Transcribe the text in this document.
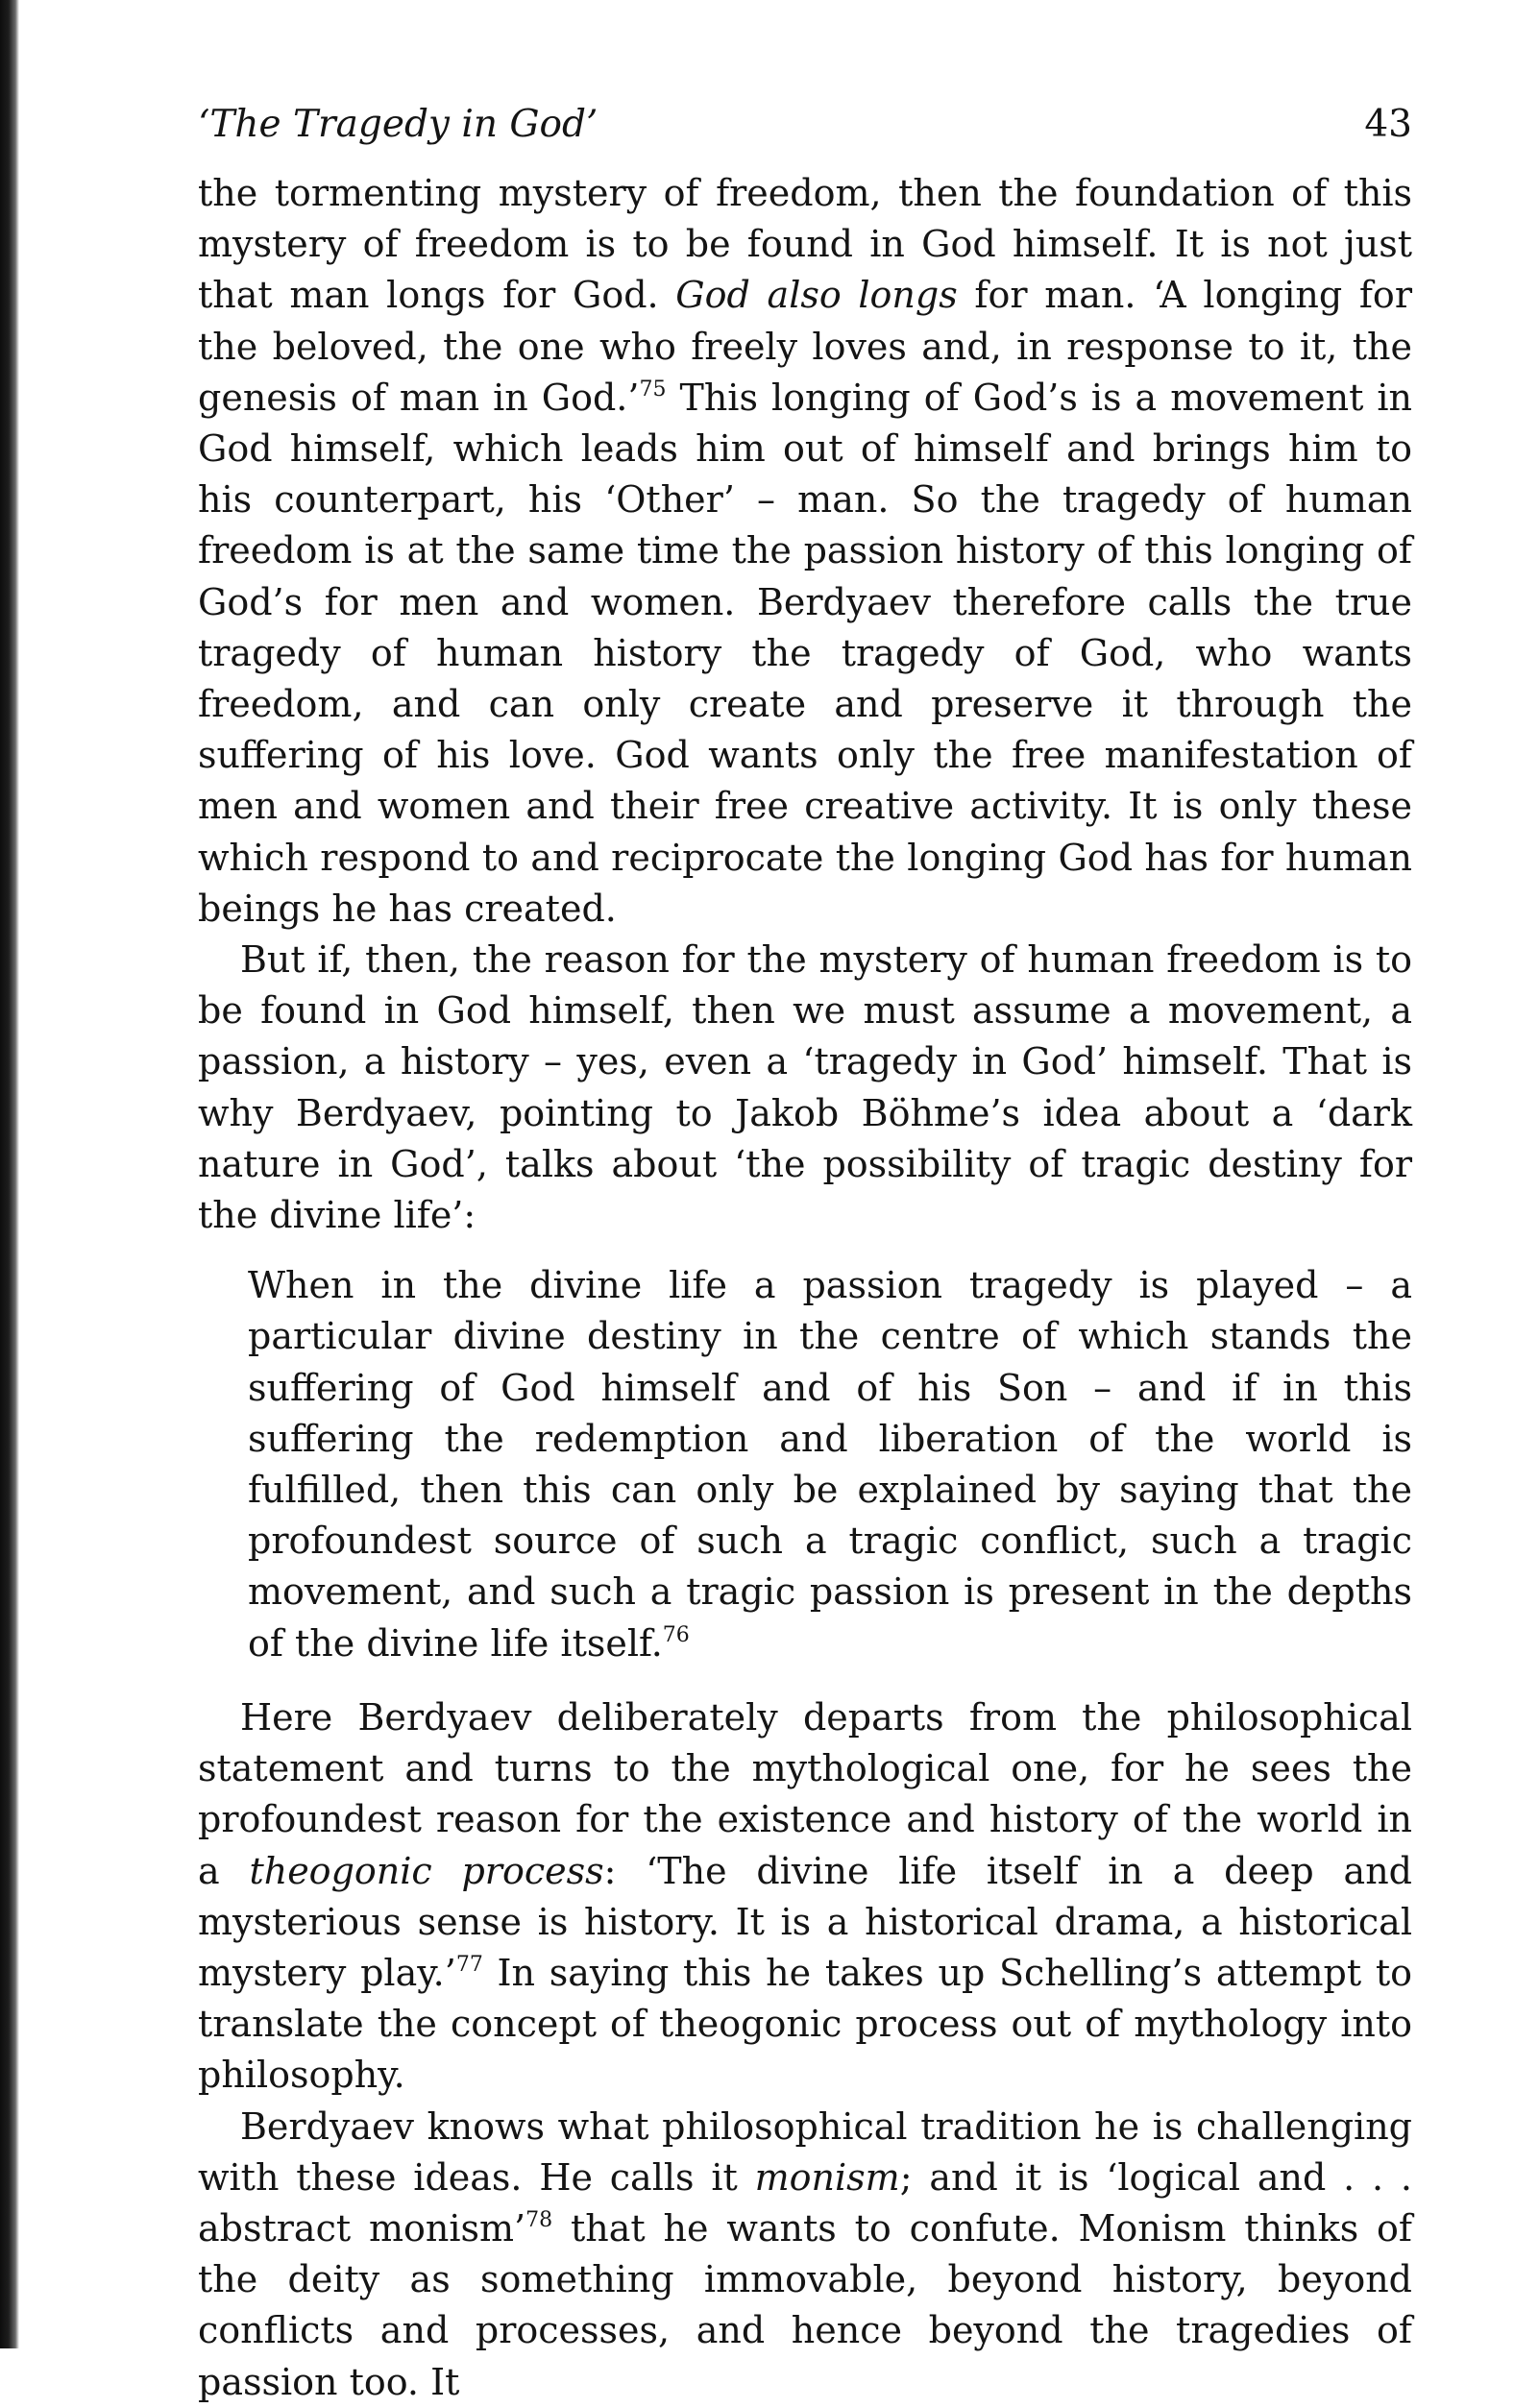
‘The Tragedy in God’	43

the tormenting mystery of freedom, then the foundation of this mystery of freedom is to be found in God himself. It is not just that man longs for God. God also longs for man. ‘A longing for the beloved, the one who freely loves and, in response to it, the genesis of man in God.’$^{75}$ This longing of God’s is a movement in God himself, which leads him out of himself and brings him to his counterpart, his ‘Other’ – man. So the tragedy of human freedom is at the same time the passion history of this longing of God’s for men and women. Berdyaev therefore calls the true tragedy of human history the tragedy of God, who wants freedom, and can only create and preserve it through the suffering of his love. God wants only the free manifestation of men and women and their free creative activity. It is only these which respond to and reciprocate the longing God has for human beings he has created.

But if, then, the reason for the mystery of human freedom is to be found in God himself, then we must assume a movement, a passion, a history – yes, even a ‘tragedy in God’ himself. That is why Berdyaev, pointing to Jakob Böhme’s idea about a ‘dark nature in God’, talks about ‘the possibility of tragic destiny for the divine life’:

When in the divine life a passion tragedy is played – a particular divine destiny in the centre of which stands the suffering of God himself and of his Son – and if in this suffering the redemption and liberation of the world is fulfilled, then this can only be explained by saying that the profoundest source of such a tragic conflict, such a tragic movement, and such a tragic passion is present in the depths of the divine life itself.$^{76}$

Here Berdyaev deliberately departs from the philosophical statement and turns to the mythological one, for he sees the profoundest reason for the existence and history of the world in a theogonic process: ‘The divine life itself in a deep and mysterious sense is history. It is a historical drama, a historical mystery play.’$^{77}$ In saying this he takes up Schelling’s attempt to translate the concept of theogonic process out of mythology into philosophy.

Berdyaev knows what philosophical tradition he is challenging with these ideas. He calls it monism; and it is ‘logical and . . . abstract monism’$^{78}$ that he wants to confute. Monism thinks of the deity as something immovable, beyond history, beyond conflicts and processes, and hence beyond the tragedies of passion too. It
